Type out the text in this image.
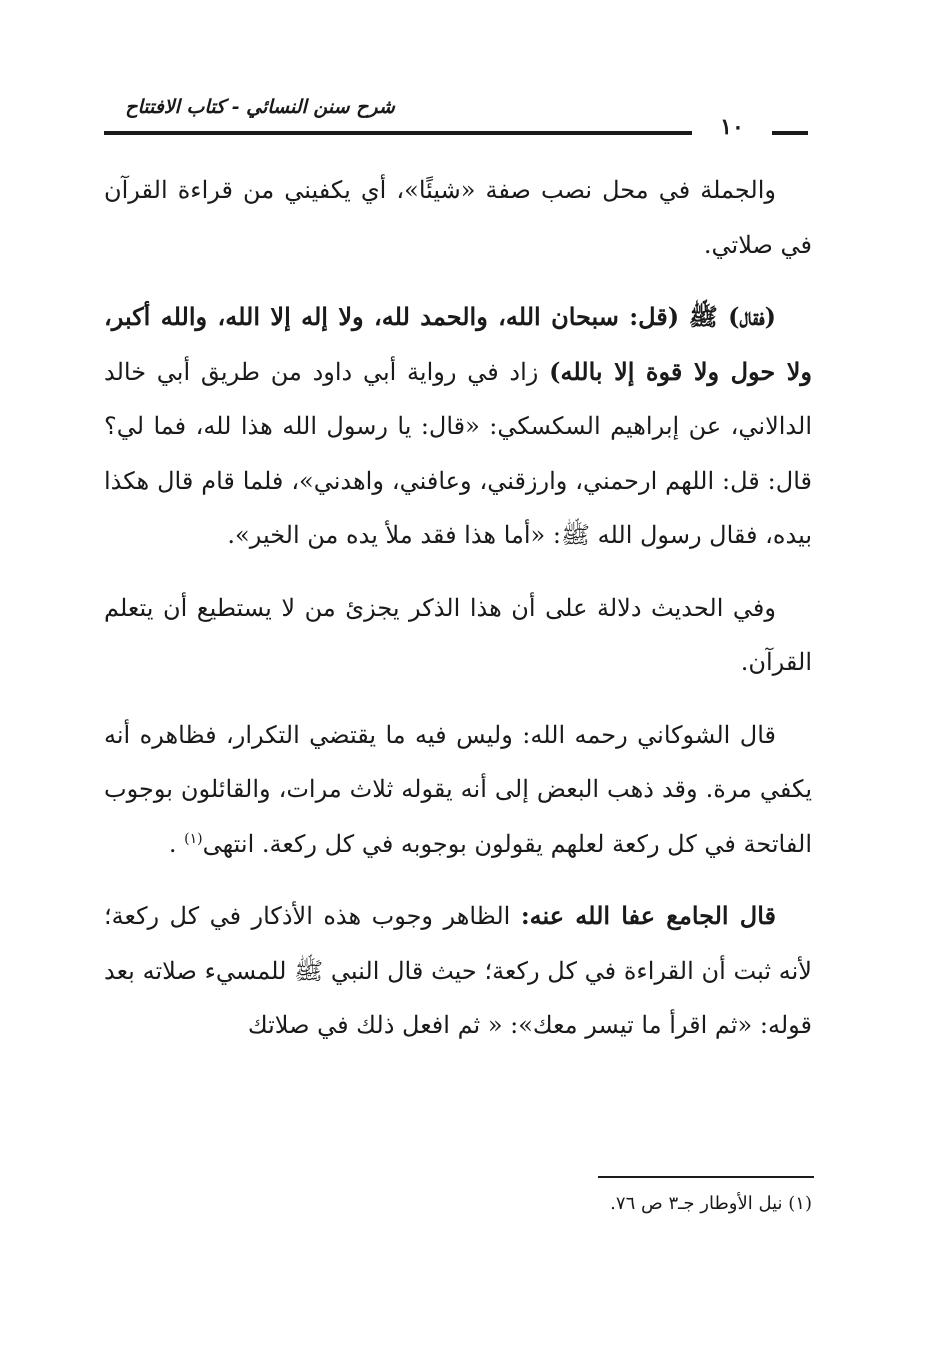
شرح سنن النسائي - كتاب الافتتاح
١٠

والجملة في محل نصب صفة «شيئًا»، أي يكفيني من قراءة القرآن في صلاتي.

(فقال) ﷺ (قل: سبحان الله، والحمد لله، ولا إله إلا الله، والله أكبر، ولا حول ولا قوة إلا بالله) زاد في رواية أبي داود من طريق أبي خالد الدالاني، عن إبراهيم السكسكي: «قال: يا رسول الله هذا لله، فما لي؟ قال: قل: اللهم ارحمني، وارزقني، وعافني، واهدني»، فلما قام قال هكذا بيده، فقال رسول الله ﷺ: «أما هذا فقد ملأ يده من الخير».

وفي الحديث دلالة على أن هذا الذكر يجزئ من لا يستطيع أن يتعلم القرآن.

قال الشوكاني رحمه الله: وليس فيه ما يقتضي التكرار، فظاهره أنه يكفي مرة. وقد ذهب البعض إلى أنه يقوله ثلاث مرات، والقائلون بوجوب الفاتحة في كل ركعة لعلهم يقولون بوجوبه في كل ركعة. انتهى$^{(١)}$ .

قال الجامع عفا الله عنه: الظاهر وجوب هذه الأذكار في كل ركعة؛ لأنه ثبت أن القراءة في كل ركعة؛ حيث قال النبي ﷺ للمسيء صلاته بعد قوله: «ثم اقرأ ما تيسر معك»: « ثم افعل ذلك في صلاتك

(١) نيل الأوطار جـ٣ ص ٧٦.
